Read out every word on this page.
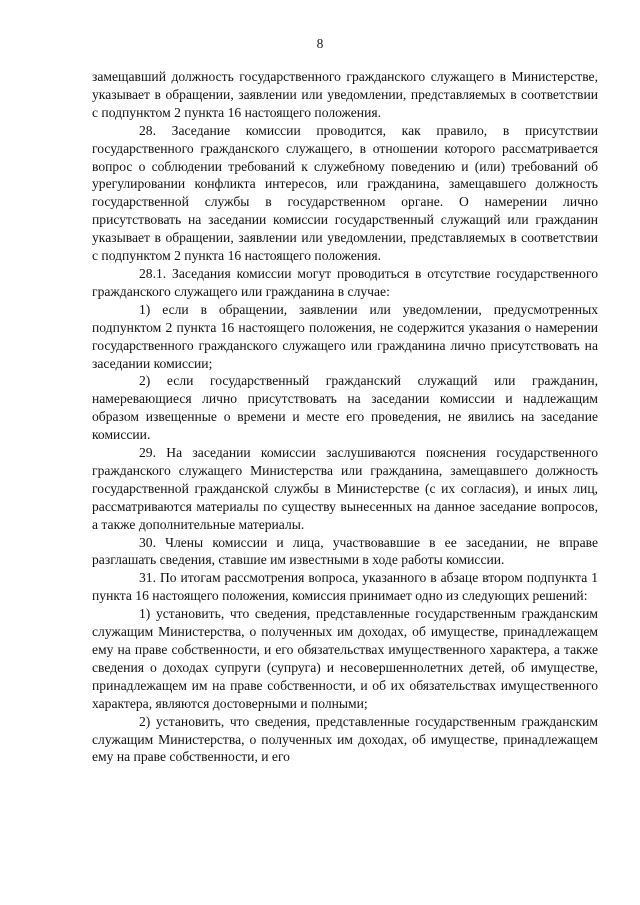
8

замещавший должность государственного гражданского служащего в Министерстве, указывает в обращении, заявлении или уведомлении, представляемых в соответствии с подпунктом 2 пункта 16 настоящего положения.

28. Заседание комиссии проводится, как правило, в присутствии государственного гражданского служащего, в отношении которого рассматривается вопрос о соблюдении требований к служебному поведению и (или) требований об урегулировании конфликта интересов, или гражданина, замещавшего должность государственной службы в государственном органе. О намерении лично присутствовать на заседании комиссии государственный служащий или гражданин указывает в обращении, заявлении или уведомлении, представляемых в соответствии с подпунктом 2 пункта 16 настоящего положения.

28.1. Заседания комиссии могут проводиться в отсутствие государственного гражданского служащего или гражданина в случае:

1) если в обращении, заявлении или уведомлении, предусмотренных подпунктом 2 пункта 16 настоящего положения, не содержится указания о намерении государственного гражданского служащего или гражданина лично присутствовать на заседании комиссии;

2) если государственный гражданский служащий или гражданин, намеревающиеся лично присутствовать на заседании комиссии и надлежащим образом извещенные о времени и месте его проведения, не явились на заседание комиссии.

29. На заседании комиссии заслушиваются пояснения государственного гражданского служащего Министерства или гражданина, замещавшего должность государственной гражданской службы в Министерстве (с их согласия), и иных лиц, рассматриваются материалы по существу вынесенных на данное заседание вопросов, а также дополнительные материалы.

30. Члены комиссии и лица, участвовавшие в ее заседании, не вправе разглашать сведения, ставшие им известными в ходе работы комиссии.

31. По итогам рассмотрения вопроса, указанного в абзаце втором подпункта 1 пункта 16 настоящего положения, комиссия принимает одно из следующих решений:

1) установить, что сведения, представленные государственным гражданским служащим Министерства, о полученных им доходах, об имуществе, принадлежащем ему на праве собственности, и его обязательствах имущественного характера, а также сведения о доходах супруги (супруга) и несовершеннолетних детей, об имуществе, принадлежащем им на праве собственности, и об их обязательствах имущественного характера, являются достоверными и полными;

2) установить, что сведения, представленные государственным гражданским служащим Министерства, о полученных им доходах, об имуществе, принадлежащем ему на праве собственности, и его
